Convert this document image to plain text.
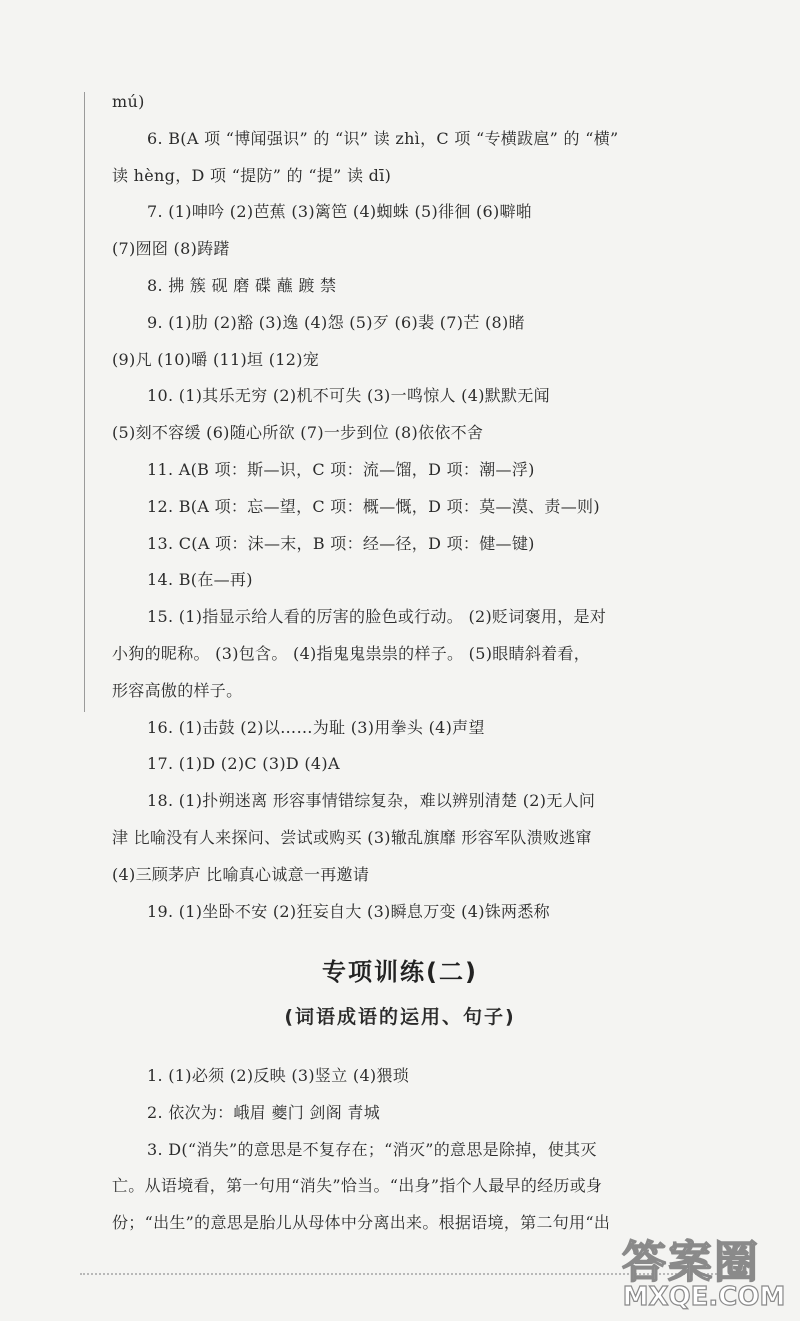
mú)
6. B(A 项 “博闻强识” 的 “识” 读 zhì，C 项 “专横跋扈” 的 “横”
读 hèng，D 项 “提防” 的 “提” 读 dī)
7. (1)呻吟 (2)芭蕉 (3)篱笆 (4)蜘蛛 (5)徘徊 (6)噼啪
(7)囫囵 (8)踌躇
8. 拂 簇 砚 磨 碟 蘸 踱 禁
9. (1)肋 (2)豁 (3)逸 (4)怨 (5)歹 (6)裴 (7)芒 (8)睹
(9)凡 (10)嚼 (11)垣 (12)宠
10. (1)其乐无穷 (2)机不可失 (3)一鸣惊人 (4)默默无闻
(5)刻不容缓 (6)随心所欲 (7)一步到位 (8)依依不舍
11. A(B 项：斯—识，C 项：流—馏，D 项：潮—浮)
12. B(A 项：忘—望，C 项：概—慨，D 项：莫—漠、责—则)
13. C(A 项：沫—末，B 项：经—径，D 项：健—键)
14. B(在—再)
15. (1)指显示给人看的厉害的脸色或行动。 (2)贬词褒用，是对
小狗的昵称。 (3)包含。 (4)指鬼鬼祟祟的样子。 (5)眼睛斜着看，
形容高傲的样子。
16. (1)击鼓 (2)以……为耻 (3)用拳头 (4)声望
17. (1)D (2)C (3)D (4)A
18. (1)扑朔迷离 形容事情错综复杂，难以辨别清楚 (2)无人问
津 比喻没有人来探问、尝试或购买 (3)辙乱旗靡 形容军队溃败逃窜
(4)三顾茅庐 比喻真心诚意一再邀请
19. (1)坐卧不安 (2)狂妄自大 (3)瞬息万变 (4)铢两悉称
专项训练(二)
(词语成语的运用、句子)
1. (1)必须 (2)反映 (3)竖立 (4)猥琐
2. 依次为：峨眉 夔门 剑阁 青城
3. D(“消失”的意思是不复存在；“消灭”的意思是除掉，使其灭
亡。从语境看，第一句用“消失”恰当。“出身”指个人最早的经历或身
份；“出生”的意思是胎儿从母体中分离出来。根据语境，第二句用“出
答案圈
MXQE.COM
